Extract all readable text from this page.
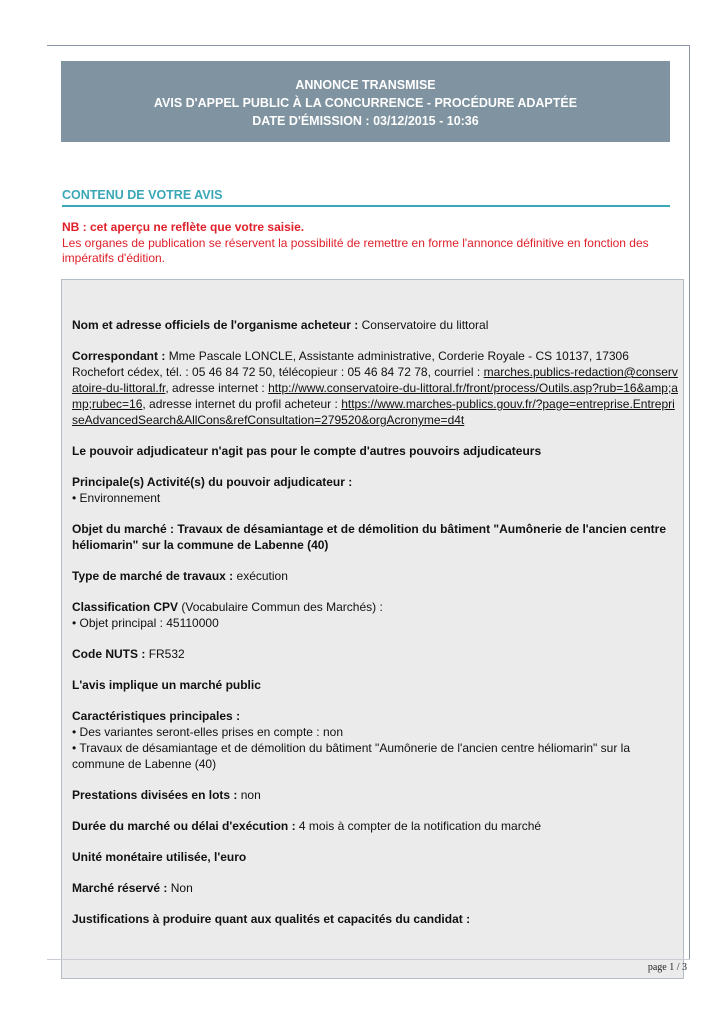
ANNONCE TRANSMISE
AVIS D'APPEL PUBLIC À LA CONCURRENCE - PROCÉDURE ADAPTÉE
DATE D'ÉMISSION : 03/12/2015 - 10:36
CONTENU DE VOTRE AVIS
NB : cet aperçu ne reflète que votre saisie.
Les organes de publication se réservent la possibilité de remettre en forme l'annonce définitive en fonction des impératifs d'édition.

Nom et adresse officiels de l'organisme acheteur : Conservatoire du littoral

Correspondant : Mme Pascale LONCLE, Assistante administrative, Corderie Royale - CS 10137, 17306 Rochefort cédex, tél. : 05 46 84 72 50, télécopieur : 05 46 84 72 78, courriel : marches.publics-redaction@conservatoire-du-littoral.fr, adresse internet : http://www.conservatoire-du-littoral.fr/front/process/Outils.asp?rub=16&amp;amp;rubec=16, adresse internet du profil acheteur : https://www.marches-publics.gouv.fr/?page=entreprise.EntrepriseAdvancedSearch&AllCons&refConsultation=279520&orgAcronyme=d4t

Le pouvoir adjudicateur n'agit pas pour le compte d'autres pouvoirs adjudicateurs

Principale(s) Activité(s) du pouvoir adjudicateur :
• Environnement

Objet du marché : Travaux de désamiantage et de démolition du bâtiment "Aumônerie de l'ancien centre héliomarin" sur la commune de Labenne (40)

Type de marché de travaux : exécution

Classification CPV (Vocabulaire Commun des Marchés) :
• Objet principal : 45110000

Code NUTS : FR532

L'avis implique un marché public

Caractéristiques principales :
• Des variantes seront-elles prises en compte : non
• Travaux de désamiantage et de démolition du bâtiment "Aumônerie de l'ancien centre héliomarin" sur la commune de Labenne (40)

Prestations divisées en lots : non

Durée du marché ou délai d'exécution : 4 mois à compter de la notification du marché

Unité monétaire utilisée, l'euro

Marché réservé : Non

Justifications à produire quant aux qualités et capacités du candidat :

page 1 / 3
